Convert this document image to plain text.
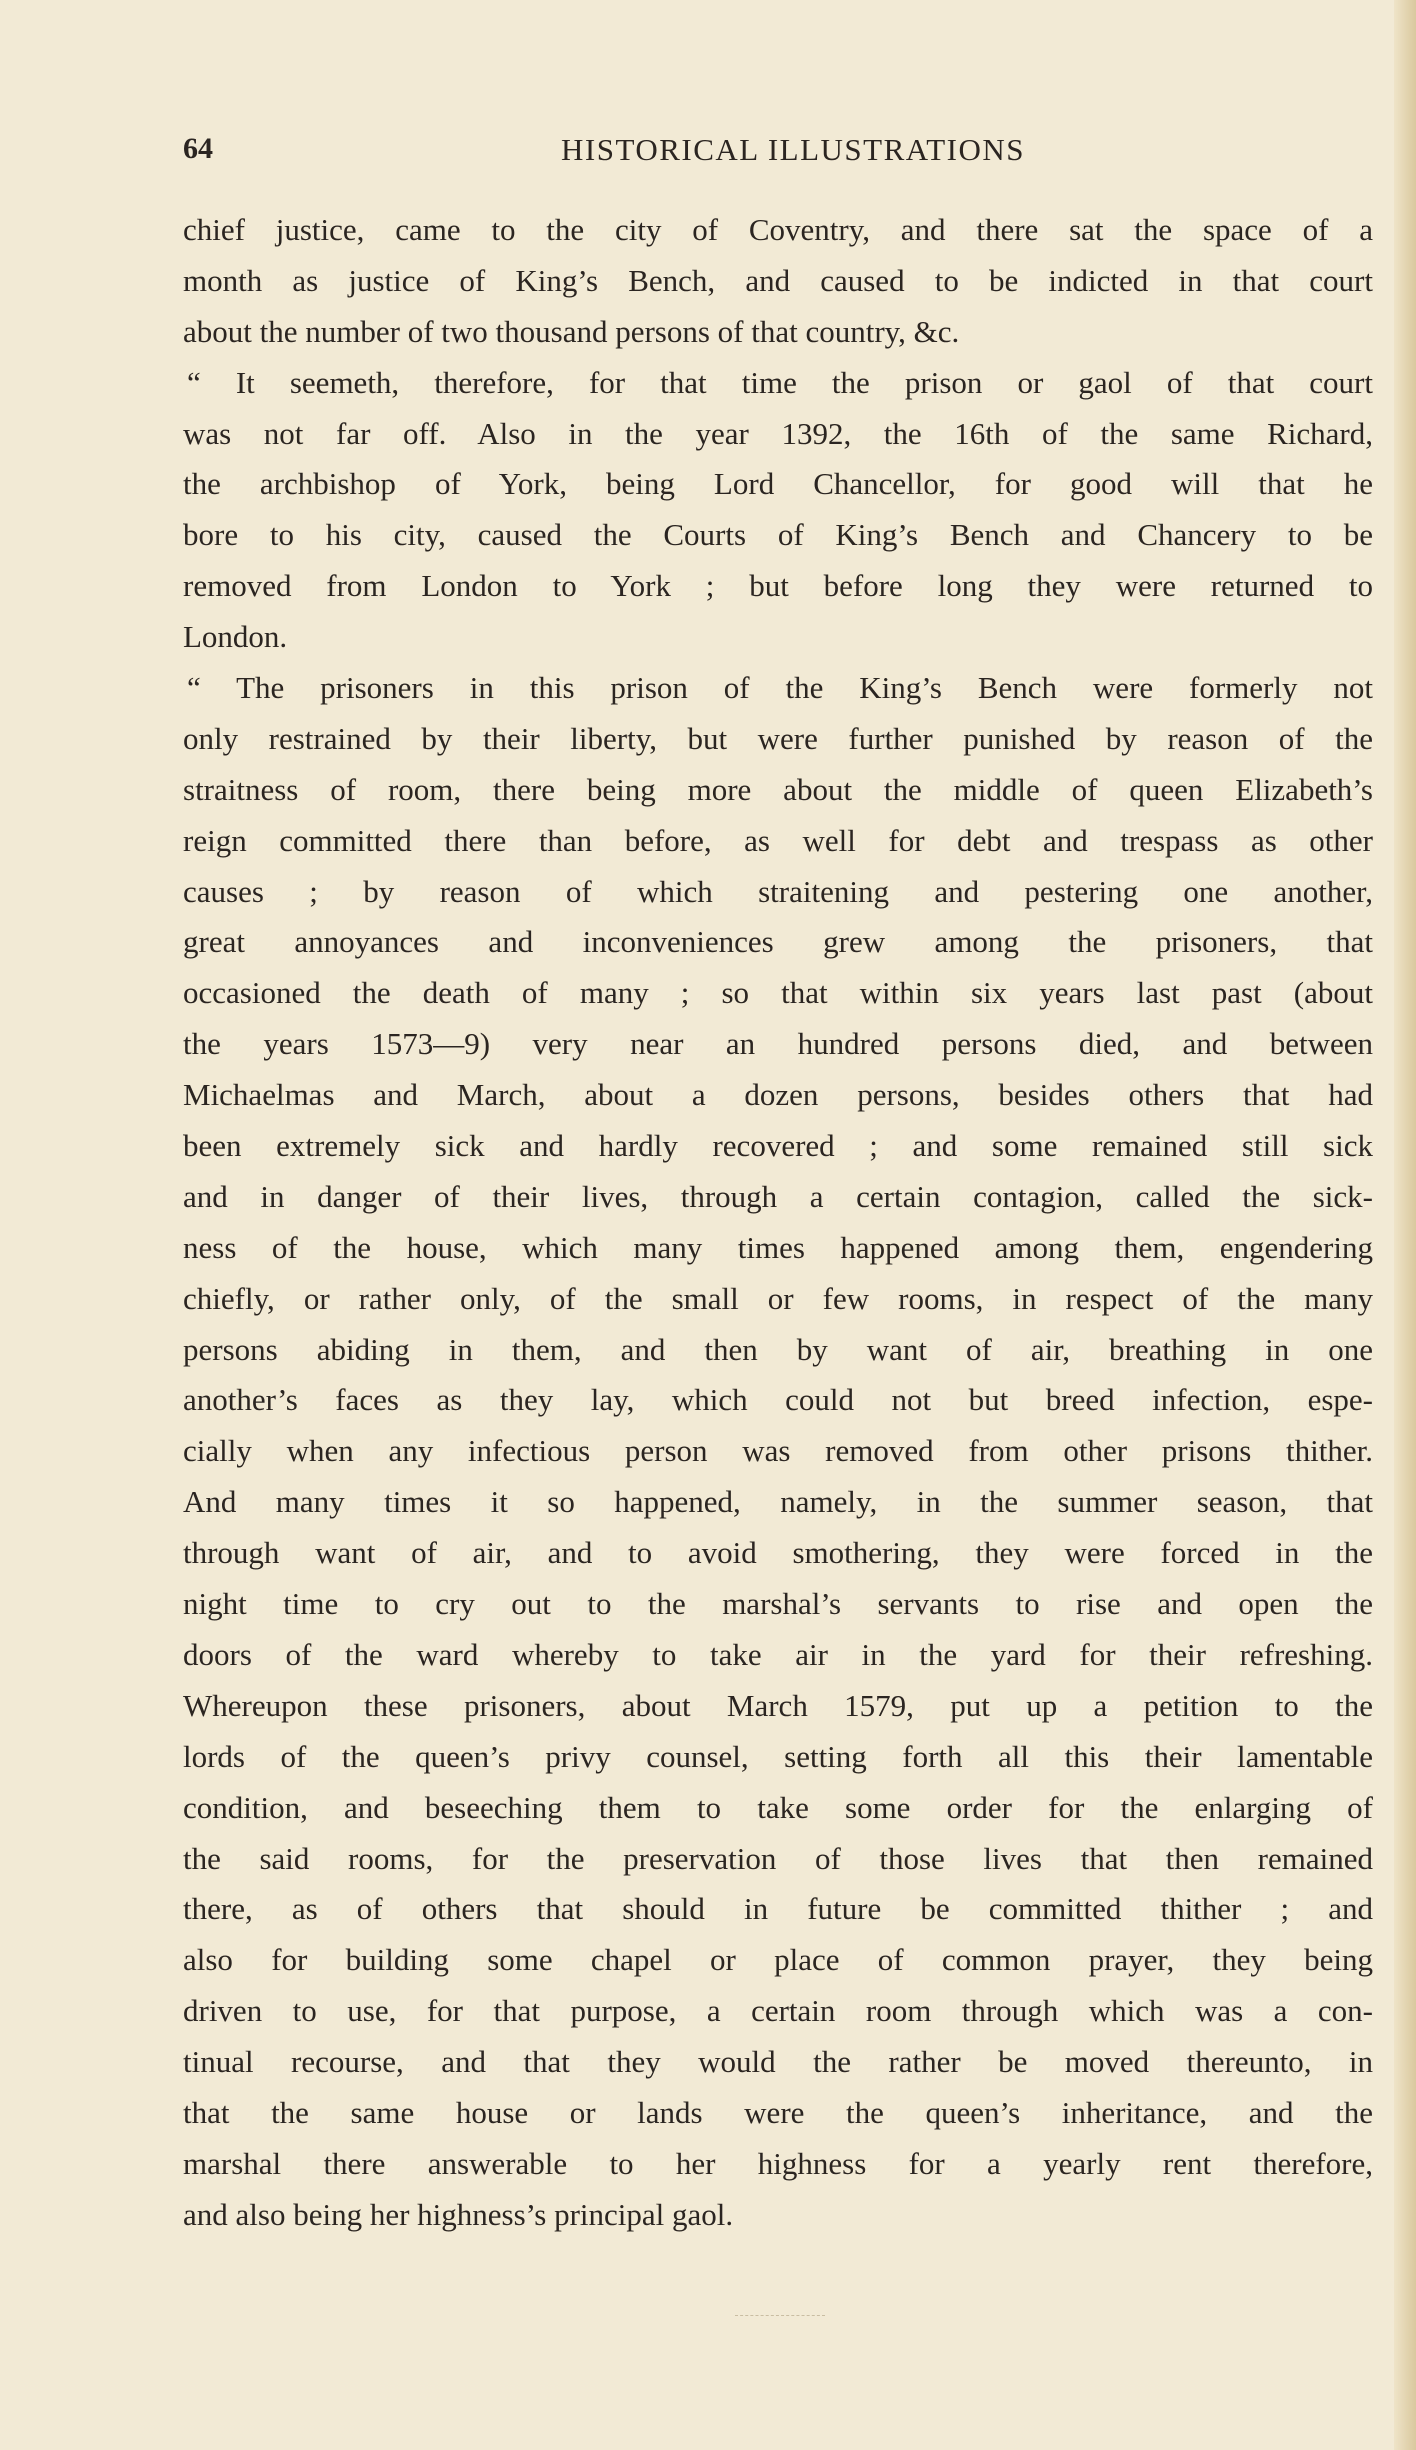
64	HISTORICAL ILLUSTRATIONS
chief justice, came to the city of Coventry, and there sat the space of a
month as justice of King’s Bench, and caused to be indicted in that court
about the number of two thousand persons of that country, &c.
“ It seemeth, therefore, for that time the prison or gaol of that court
was not far off. Also in the year 1392, the 16th of the same Richard,
the archbishop of York, being Lord Chancellor, for good will that he
bore to his city, caused the Courts of King’s Bench and Chancery to be
removed from London to York ; but before long they were returned to
London.
“ The prisoners in this prison of the King’s Bench were formerly not
only restrained by their liberty, but were further punished by reason of the
straitness of room, there being more about the middle of queen Elizabeth’s
reign committed there than before, as well for debt and trespass as other
causes ; by reason of which straitening and pestering one another,
great annoyances and inconveniences grew among the prisoners, that
occasioned the death of many ; so that within six years last past (about
the years 1573—9) very near an hundred persons died, and between
Michaelmas and March, about a dozen persons, besides others that had
been extremely sick and hardly recovered ; and some remained still sick
and in danger of their lives, through a certain contagion, called the sick-
ness of the house, which many times happened among them, engendering
chiefly, or rather only, of the small or few rooms, in respect of the many
persons abiding in them, and then by want of air, breathing in one
another’s faces as they lay, which could not but breed infection, espe-
cially when any infectious person was removed from other prisons thither.
And many times it so happened, namely, in the summer season, that
through want of air, and to avoid smothering, they were forced in the
night time to cry out to the marshal’s servants to rise and open the
doors of the ward whereby to take air in the yard for their refreshing.
Whereupon these prisoners, about March 1579, put up a petition to the
lords of the queen’s privy counsel, setting forth all this their lamentable
condition, and beseeching them to take some order for the enlarging of
the said rooms, for the preservation of those lives that then remained
there, as of others that should in future be committed thither ; and
also for building some chapel or place of common prayer, they being
driven to use, for that purpose, a certain room through which was a con-
tinual recourse, and that they would the rather be moved thereunto, in
that the same house or lands were the queen’s inheritance, and the
marshal there answerable to her highness for a yearly rent therefore,
and also being her highness’s principal gaol.
